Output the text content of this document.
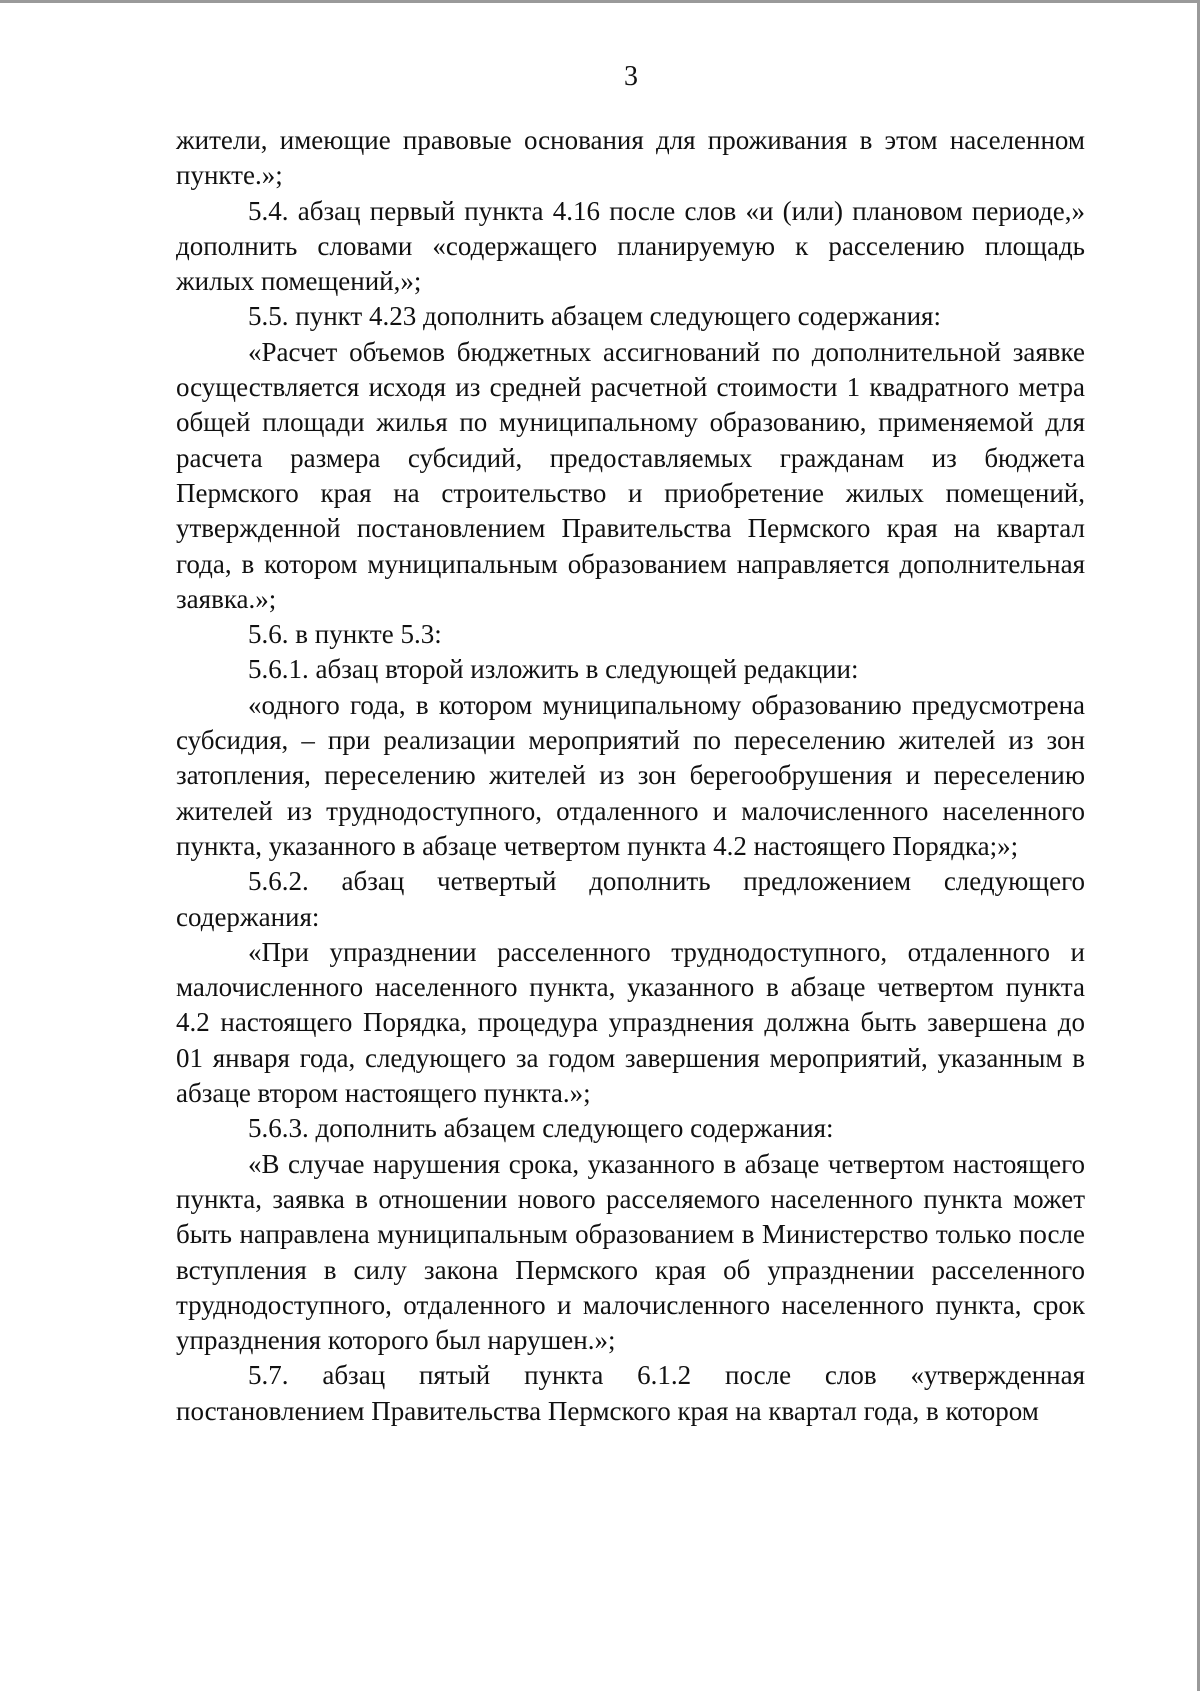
3

жители, имеющие правовые основания для проживания в этом населенном пункте.»;

5.4. абзац первый пункта 4.16 после слов «и (или) плановом периоде,» дополнить словами «содержащего планируемую к расселению площадь жилых помещений,»;

5.5. пункт 4.23 дополнить абзацем следующего содержания:

«Расчет объемов бюджетных ассигнований по дополнительной заявке осуществляется исходя из средней расчетной стоимости 1 квадратного метра общей площади жилья по муниципальному образованию, применяемой для расчета размера субсидий, предоставляемых гражданам из бюджета Пермского края на строительство и приобретение жилых помещений, утвержденной постановлением Правительства Пермского края на квартал года, в котором муниципальным образованием направляется дополнительная заявка.»;

5.6. в пункте 5.3:

5.6.1. абзац второй изложить в следующей редакции:

«одного года, в котором муниципальному образованию предусмотрена субсидия, – при реализации мероприятий по переселению жителей из зон затопления, переселению жителей из зон берегообрушения и переселению жителей из труднодоступного, отдаленного и малочисленного населенного пункта, указанного в абзаце четвертом пункта 4.2 настоящего Порядка;»;

5.6.2. абзац четвертый дополнить предложением следующего содержания:

«При упразднении расселенного труднодоступного, отдаленного и малочисленного населенного пункта, указанного в абзаце четвертом пункта 4.2 настоящего Порядка, процедура упразднения должна быть завершена до 01 января года, следующего за годом завершения мероприятий, указанным в абзаце втором настоящего пункта.»;

5.6.3. дополнить абзацем следующего содержания:

«В случае нарушения срока, указанного в абзаце четвертом настоящего пункта, заявка в отношении нового расселяемого населенного пункта может быть направлена муниципальным образованием в Министерство только после вступления в силу закона Пермского края об упразднении расселенного труднодоступного, отдаленного и малочисленного населенного пункта, срок упразднения которого был нарушен.»;

5.7. абзац пятый пункта 6.1.2 после слов «утвержденная постановлением Правительства Пермского края на квартал года, в котором
